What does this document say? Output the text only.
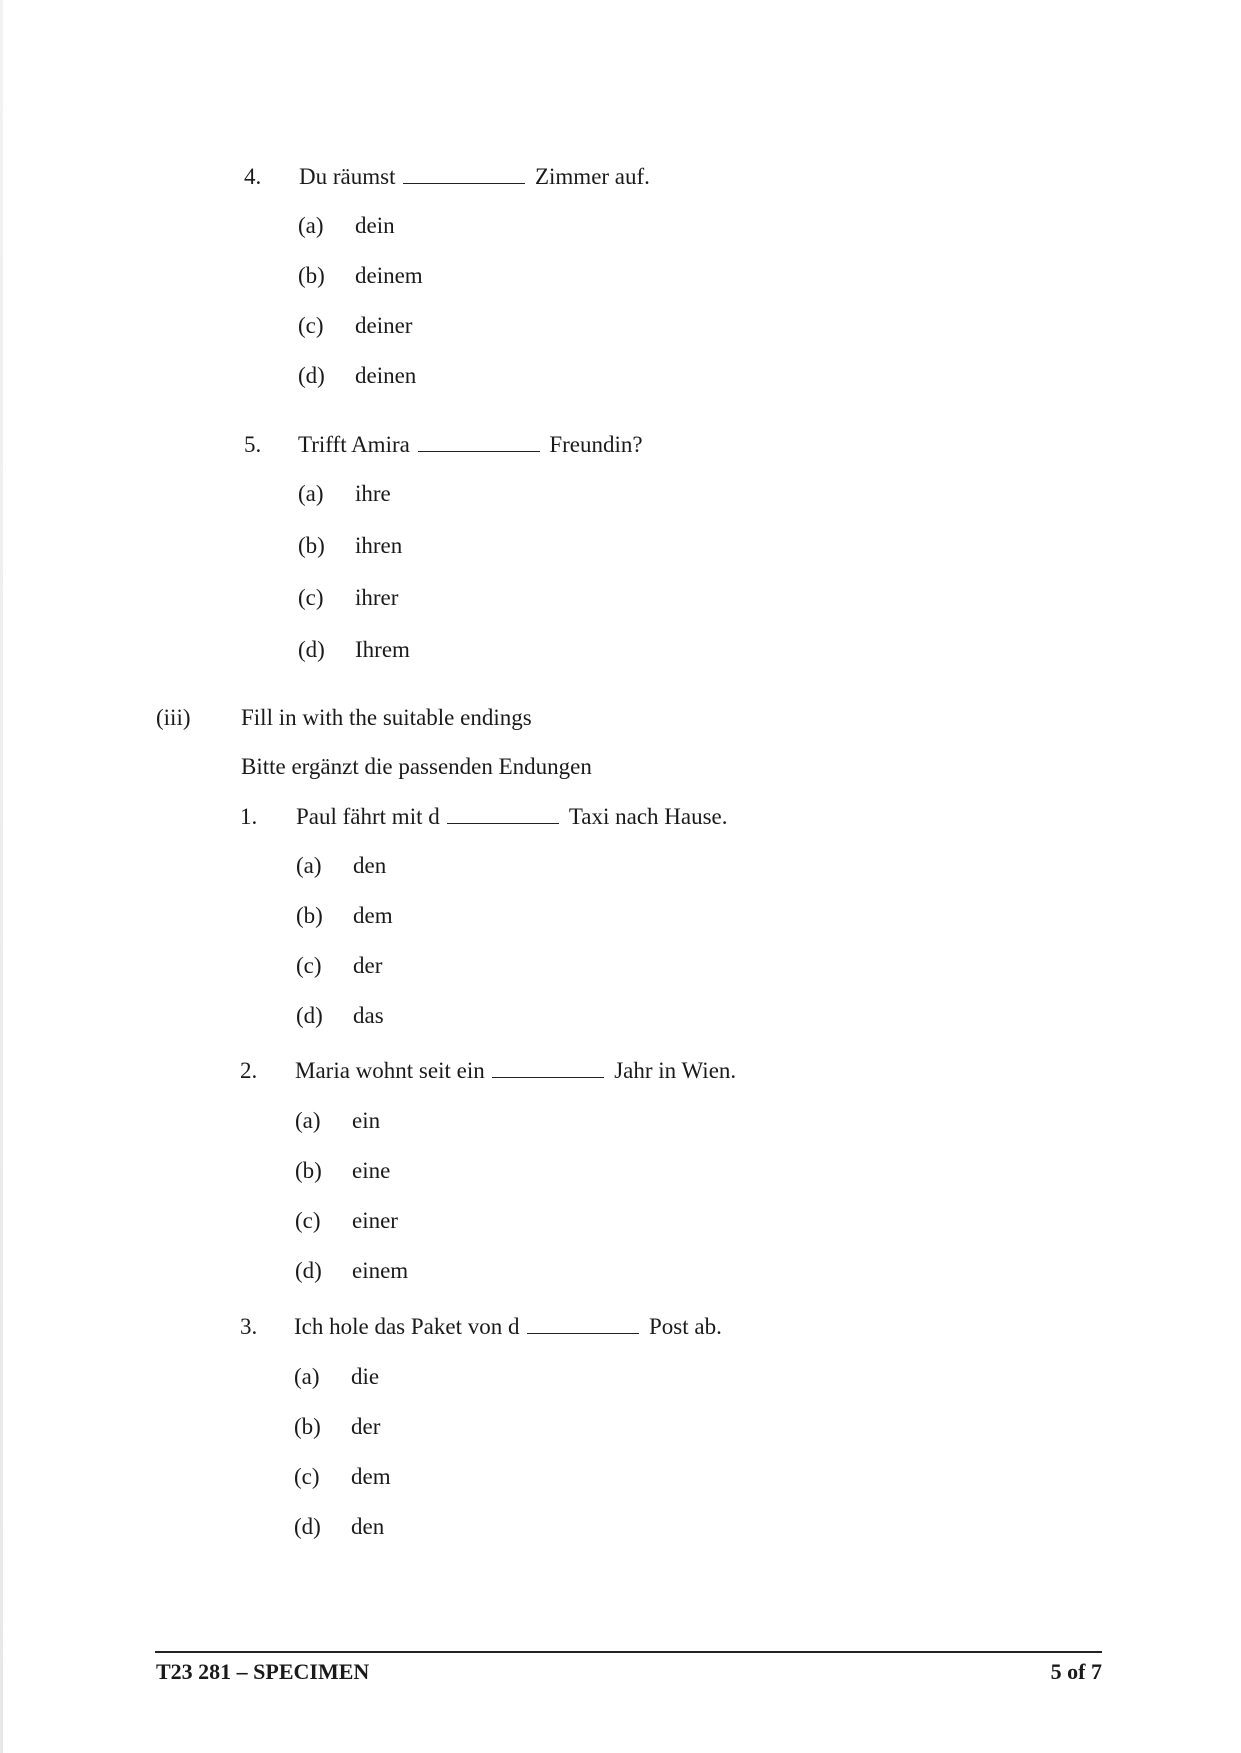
4. Du räumst	Zimmer auf.
(a) dein
(b) deinem
(c) deiner
(d) deinen
5. Trifft Amira	Freundin?
(a) ihre
(b) ihren
(c) ihrer
(d) Ihrem
(iii) Fill in with the suitable endings
Bitte ergänzt die passenden Endungen
1. Paul fährt mit d	Taxi nach Hause.
(a) den
(b) dem
(c) der
(d) das
2. Maria wohnt seit ein	Jahr in Wien.
(a) ein
(b) eine
(c) einer
(d) einem
3. Ich hole das Paket von d	Post ab.
(a) die
(b) der
(c) dem
(d) den
T23 281 – SPECIMEN	5 of 7
